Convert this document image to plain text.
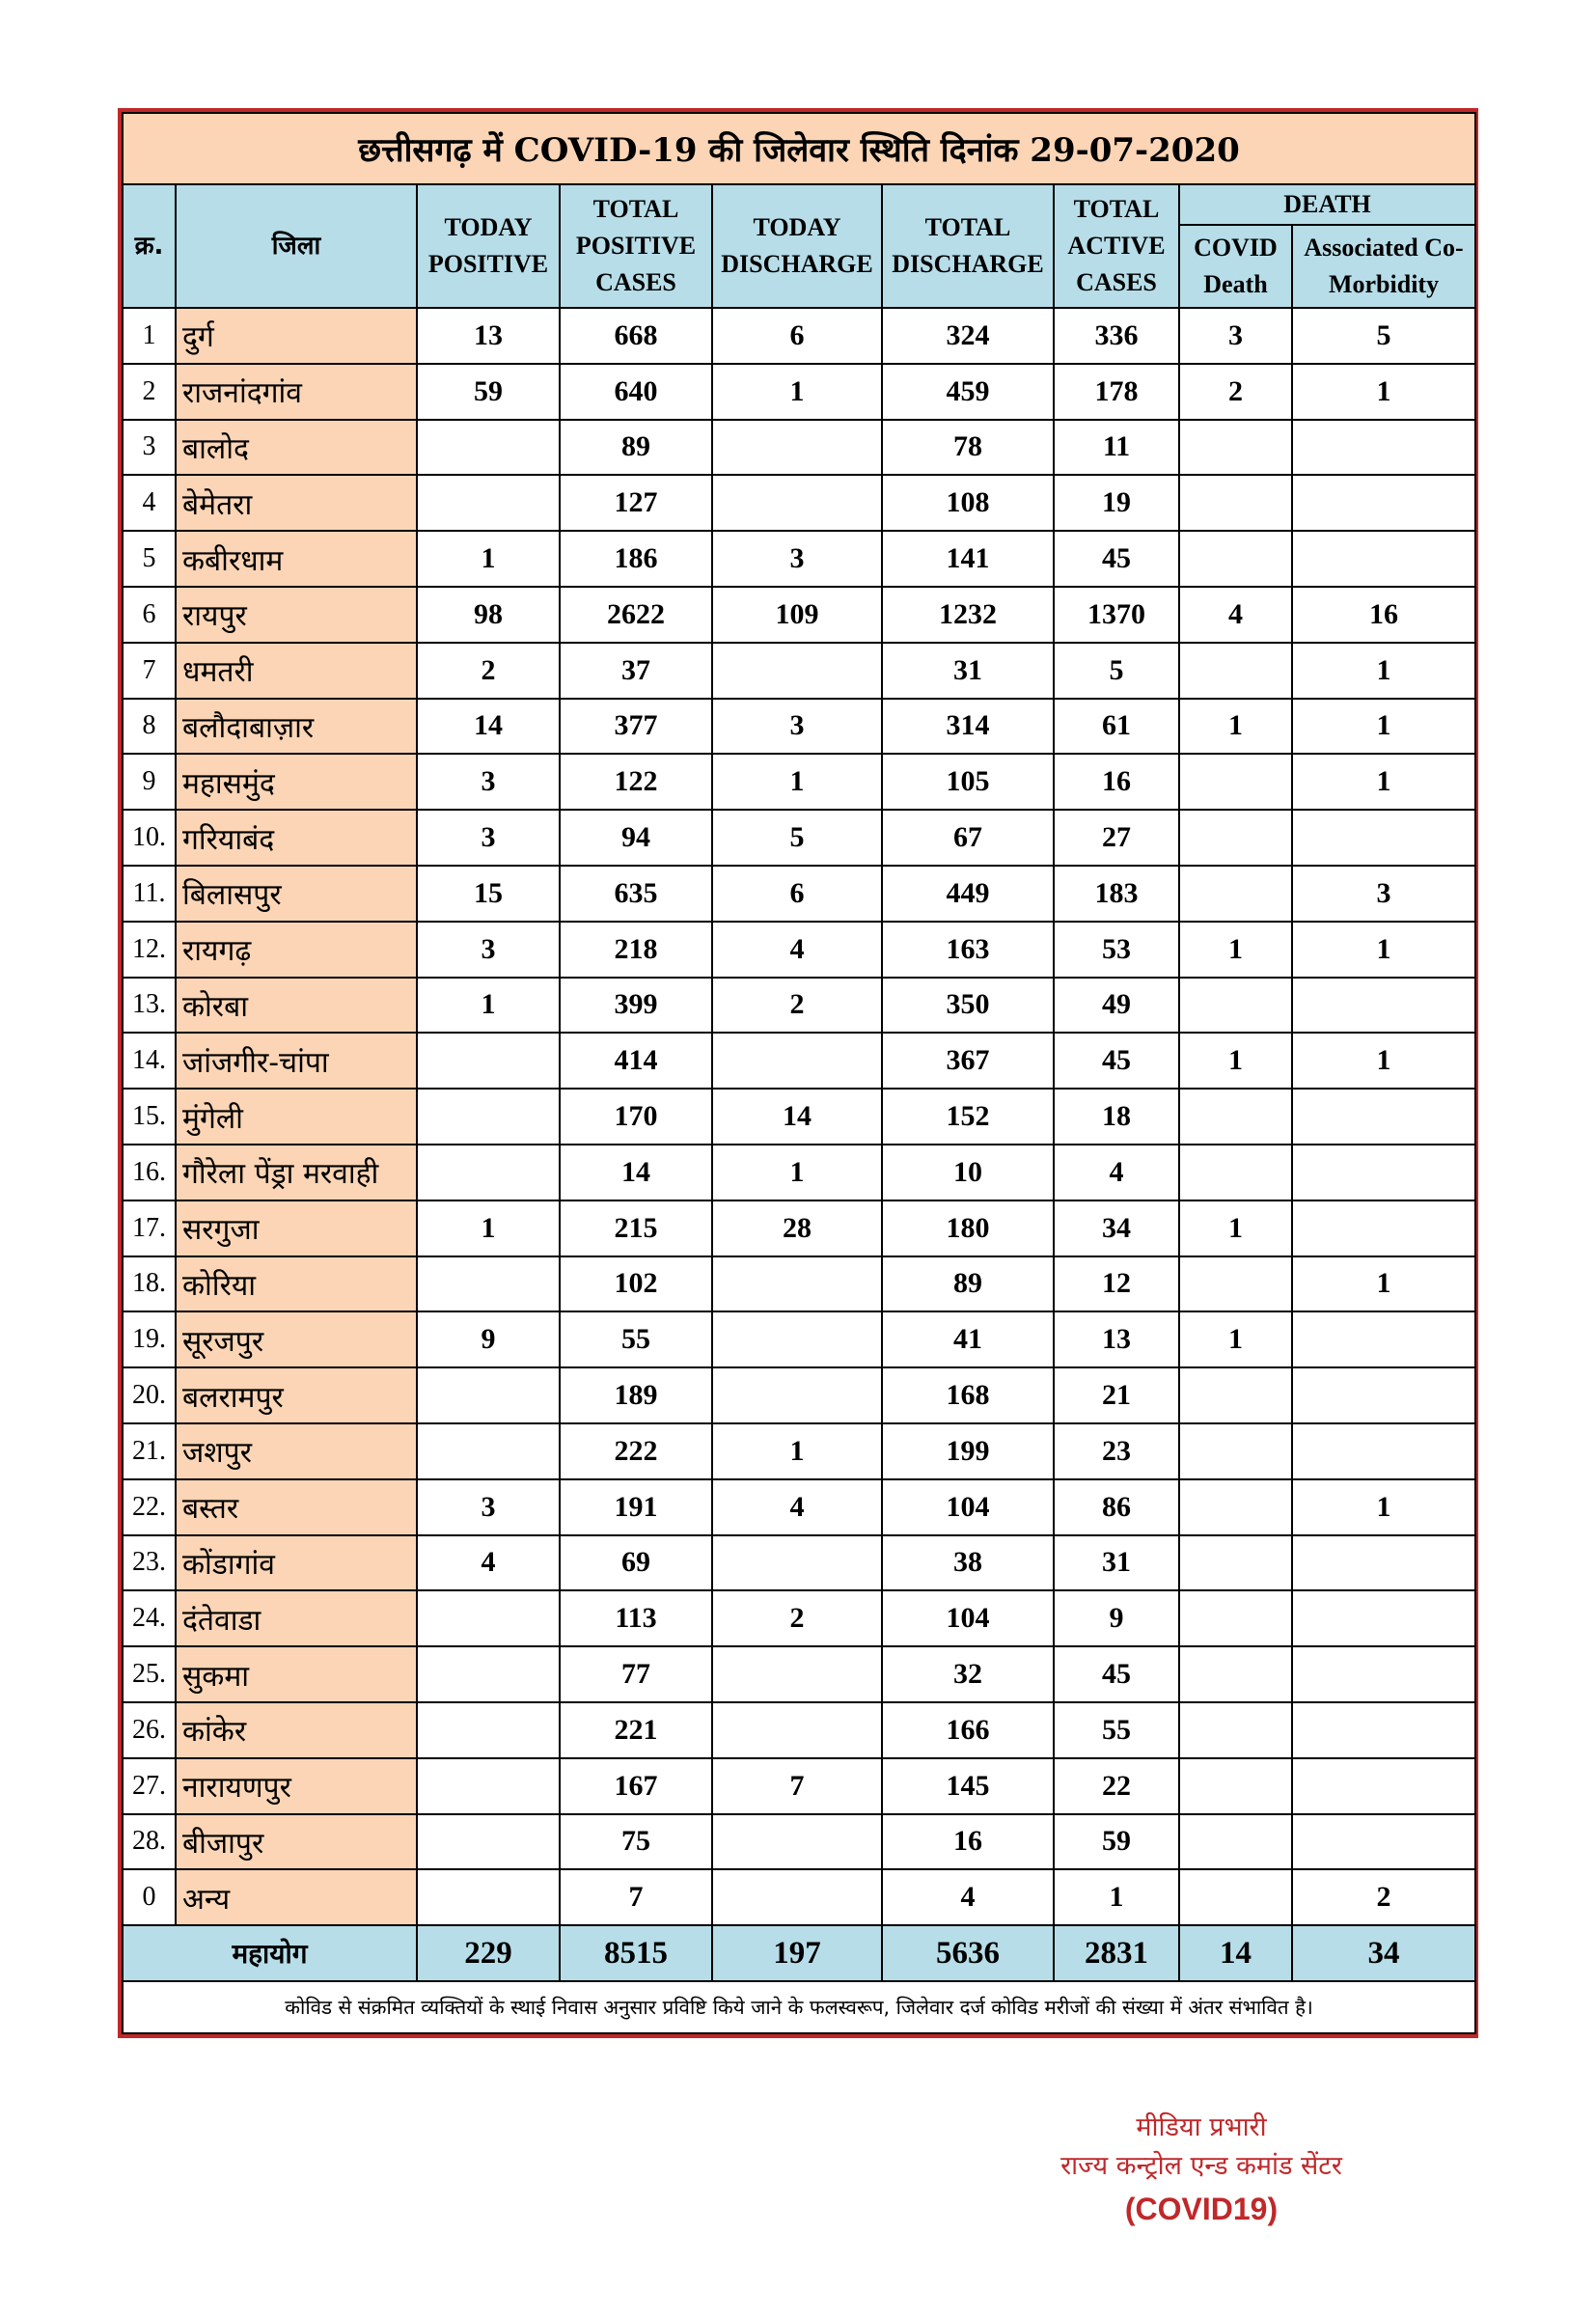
छत्तीसगढ़ में COVID-19 की जिलेवार स्थिति दिनांक 29-07-2020								
क्र.	जिला	TODAY POSITIVE	TOTAL POSITIVE CASES	TODAY DISCHARGE	TOTAL DISCHARGE	TOTAL ACTIVE CASES	DEATH	
							COVID Death	Associated Co-Morbidity
1	दुर्ग	13	668	6	324	336	3	5
2	राजनांदगांव	59	640	1	459	178	2	1
3	बालोद		89		78	11		
4	बेमेतरा		127		108	19		
5	कबीरधाम	1	186	3	141	45		
6	रायपुर	98	2622	109	1232	1370	4	16
7	धमतरी	2	37		31	5		1
8	बलौदाबाज़ार	14	377	3	314	61	1	1
9	महासमुंद	3	122	1	105	16		1
10.	गरियाबंद	3	94	5	67	27		
11.	बिलासपुर	15	635	6	449	183		3
12.	रायगढ़	3	218	4	163	53	1	1
13.	कोरबा	1	399	2	350	49		
14.	जांजगीर-चांपा		414		367	45	1	1
15.	मुंगेली		170	14	152	18		
16.	गौरेला पेंड्रा मरवाही		14	1	10	4		
17.	सरगुजा	1	215	28	180	34	1	
18.	कोरिया		102		89	12		1
19.	सूरजपुर	9	55		41	13	1	
20.	बलरामपुर		189		168	21		
21.	जशपुर		222	1	199	23		
22.	बस्तर	3	191	4	104	86		1
23.	कोंडागांव	4	69		38	31		
24.	दंतेवाडा		113	2	104	9		
25.	सुकमा		77		32	45		
26.	कांकेर		221		166	55		
27.	नारायणपुर		167	7	145	22		
28.	बीजापुर		75		16	59		
0	अन्य		7		4	1		2
महायोग		229	8515	197	5636	2831	14	34
कोविड से संक्रमित व्यक्तियों के स्थाई निवास अनुसार प्रविष्टि किये जाने के फलस्वरूप, जिलेवार दर्ज कोविड मरीजों की संख्या में अंतर संभावित है।								
मीडिया प्रभारी
राज्य कन्ट्रोल एन्ड कमांड सेंटर
(COVID19)
